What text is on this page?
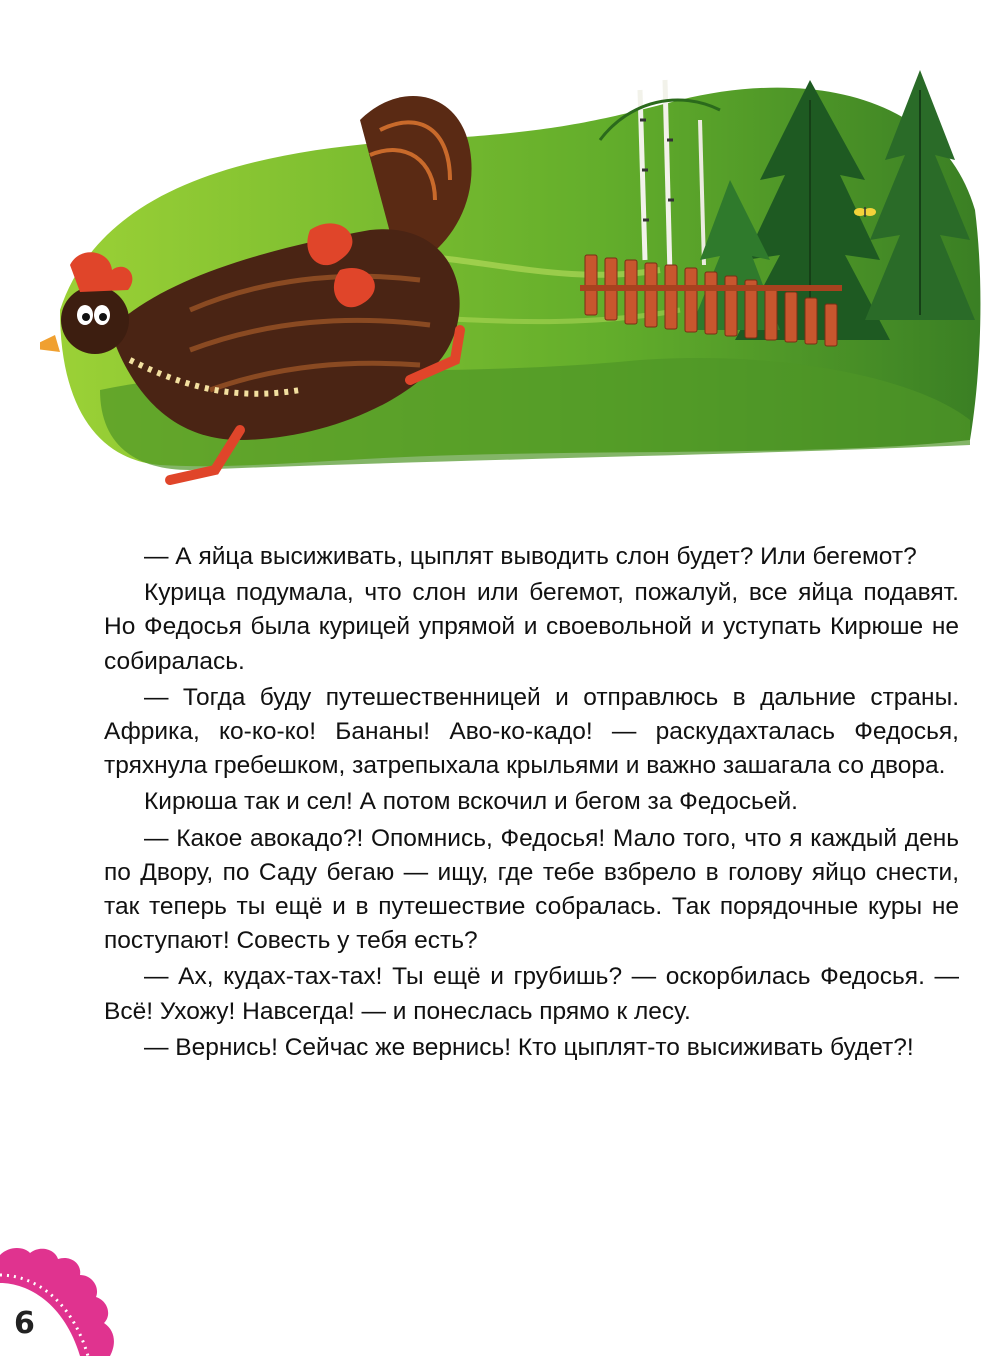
— А яйца высиживать, цыплят выводить слон будет? Или бегемот?

Курица подумала, что слон или бегемот, пожалуй, все яйца подавят. Но Федосья была курицей упрямой и своевольной и уступать Кирюше не собиралась.

— Тогда буду путешественницей и отправлюсь в дальние страны. Африка, ко-ко-ко! Бананы! Аво-ко-кадо! — раскудахталась Федосья, тряхнула гребешком, затрепыхала крыльями и важно зашагала со двора.

Кирюша так и сел! А потом вскочил и бегом за Федосьей.

— Какое авокадо?! Опомнись, Федосья! Мало того, что я каждый день по Двору, по Саду бегаю — ищу, где тебе взбрело в голову яйцо снести, так теперь ты ещё и в путешествие собралась. Так порядочные куры не поступают! Совесть у тебя есть?

— Ах, кудах-тах-тах! Ты ещё и грубишь? — оскорбилась Федосья. — Всё! Ухожу! Навсегда! — и понеслась прямо к лесу.

— Вернись! Сейчас же вернись! Кто цыплят-то высиживать будет?!

6
